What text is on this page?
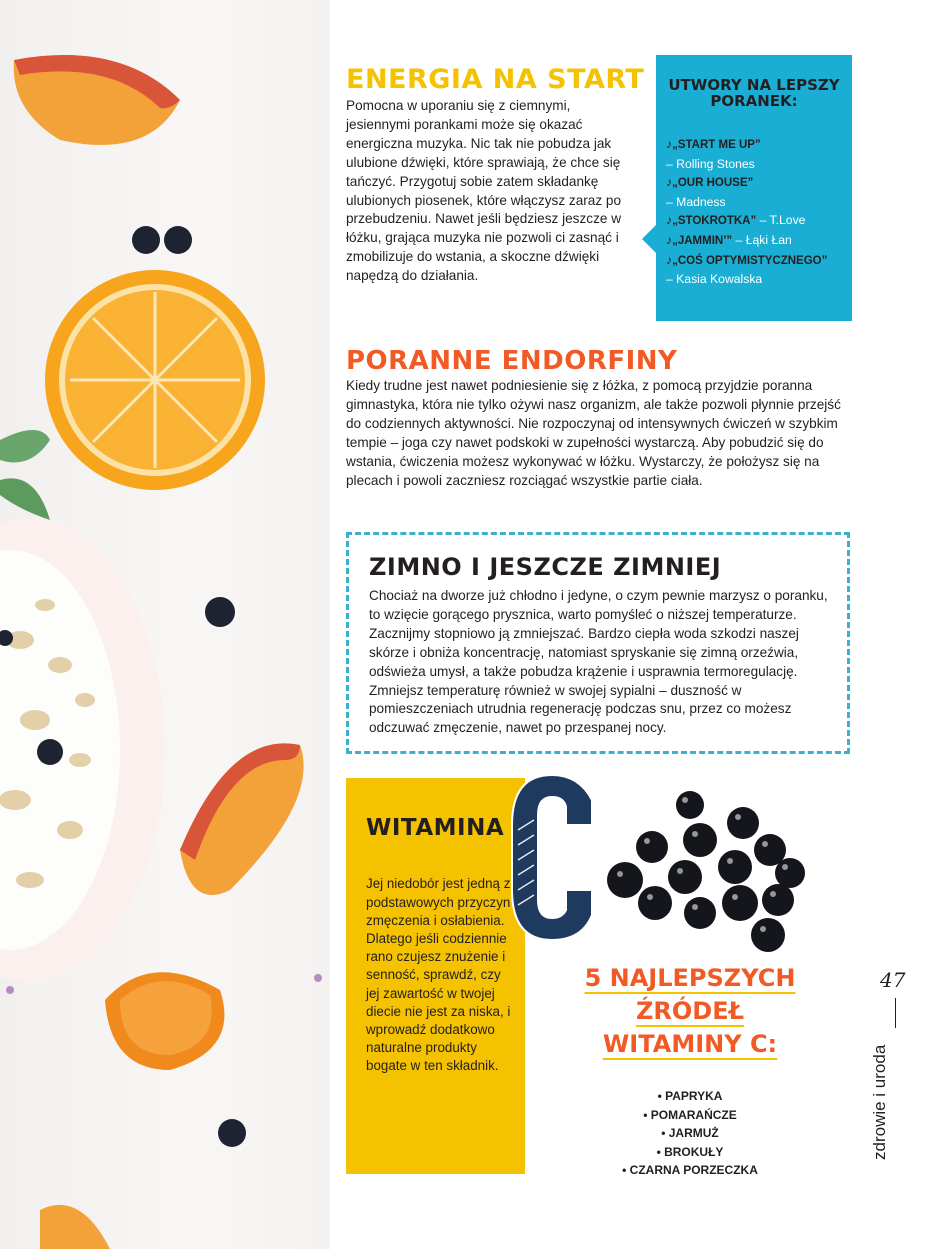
ENERGIA NA START

Pomocna w uporaniu się z ciemnymi, jesiennymi porankami może się okazać energiczna muzyka. Nic tak nie pobudza jak ulubione dźwięki, które sprawiają, że chce się tańczyć. Przygotuj sobie zatem składankę ulubionych piosenek, które włączysz zaraz po przebudzeniu. Nawet jeśli będziesz jeszcze w łóżku, grająca muzyka nie pozwoli ci zasnąć i zmobilizuje do wstania, a skoczne dźwięki napędzą do działania.

UTWORY NA LEPSZY PORANEK:
♪„START ME UP”
– Rolling Stones
♪„OUR HOUSE”
– Madness
♪„STOKROTKA” – T.Love
♪„JAMMIN’” – Łąki Łan
♪„COŚ OPTYMISTYCZNEGO”
– Kasia Kowalska
PORANNE ENDORFINY

Kiedy trudne jest nawet podniesienie się z łóżka, z pomocą przyjdzie poranna gimnastyka, która nie tylko ożywi nasz organizm, ale także pozwoli płynnie przejść do codziennych aktywności. Nie rozpoczynaj od intensywnych ćwiczeń w szybkim tempie – joga czy nawet podskoki w zupełności wystarczą. Aby pobudzić się do wstania, ćwiczenia możesz wykonywać w łóżku. Wystarczy, że położysz się na plecach i powoli zaczniesz rozciągać wszystkie partie ciała.

ZIMNO I JESZCZE ZIMNIEJ

Chociaż na dworze już chłodno i jedyne, o czym pewnie marzysz o poranku, to wzięcie gorącego prysznica, warto pomyśleć o niższej temperaturze. Zacznijmy stopniowo ją zmniejszać. Bardzo ciepła woda szkodzi naszej skórze i obniża koncentrację, natomiast spryskanie się zimną orzeźwia, odświeża umysł, a także pobudza krążenie i usprawnia termoregulację. Zmniejsz temperaturę również w swojej sypialni – duszność w pomieszczeniach utrudnia regenerację podczas snu, przez co możesz odczuwać zmęczenie, nawet po przespanej nocy.

WITAMINA

Jej niedobór jest jedną z podstawowych przyczyn zmęczenia i osłabienia. Dlatego jeśli codziennie rano czujesz znużenie i senność, sprawdź, czy jej zawartość w twojej diecie nie jest za niska, i wprowadź dodatkowo naturalne produkty bogate w ten składnik.

C
5 NAJLEPSZYCH
ŹRÓDEŁ
WITAMINY C:
• PAPRYKA
• POMARAŃCZE
• JARMUŻ
• BROKUŁY
• CZARNA PORZECZKA
47
zdrowie i uroda
